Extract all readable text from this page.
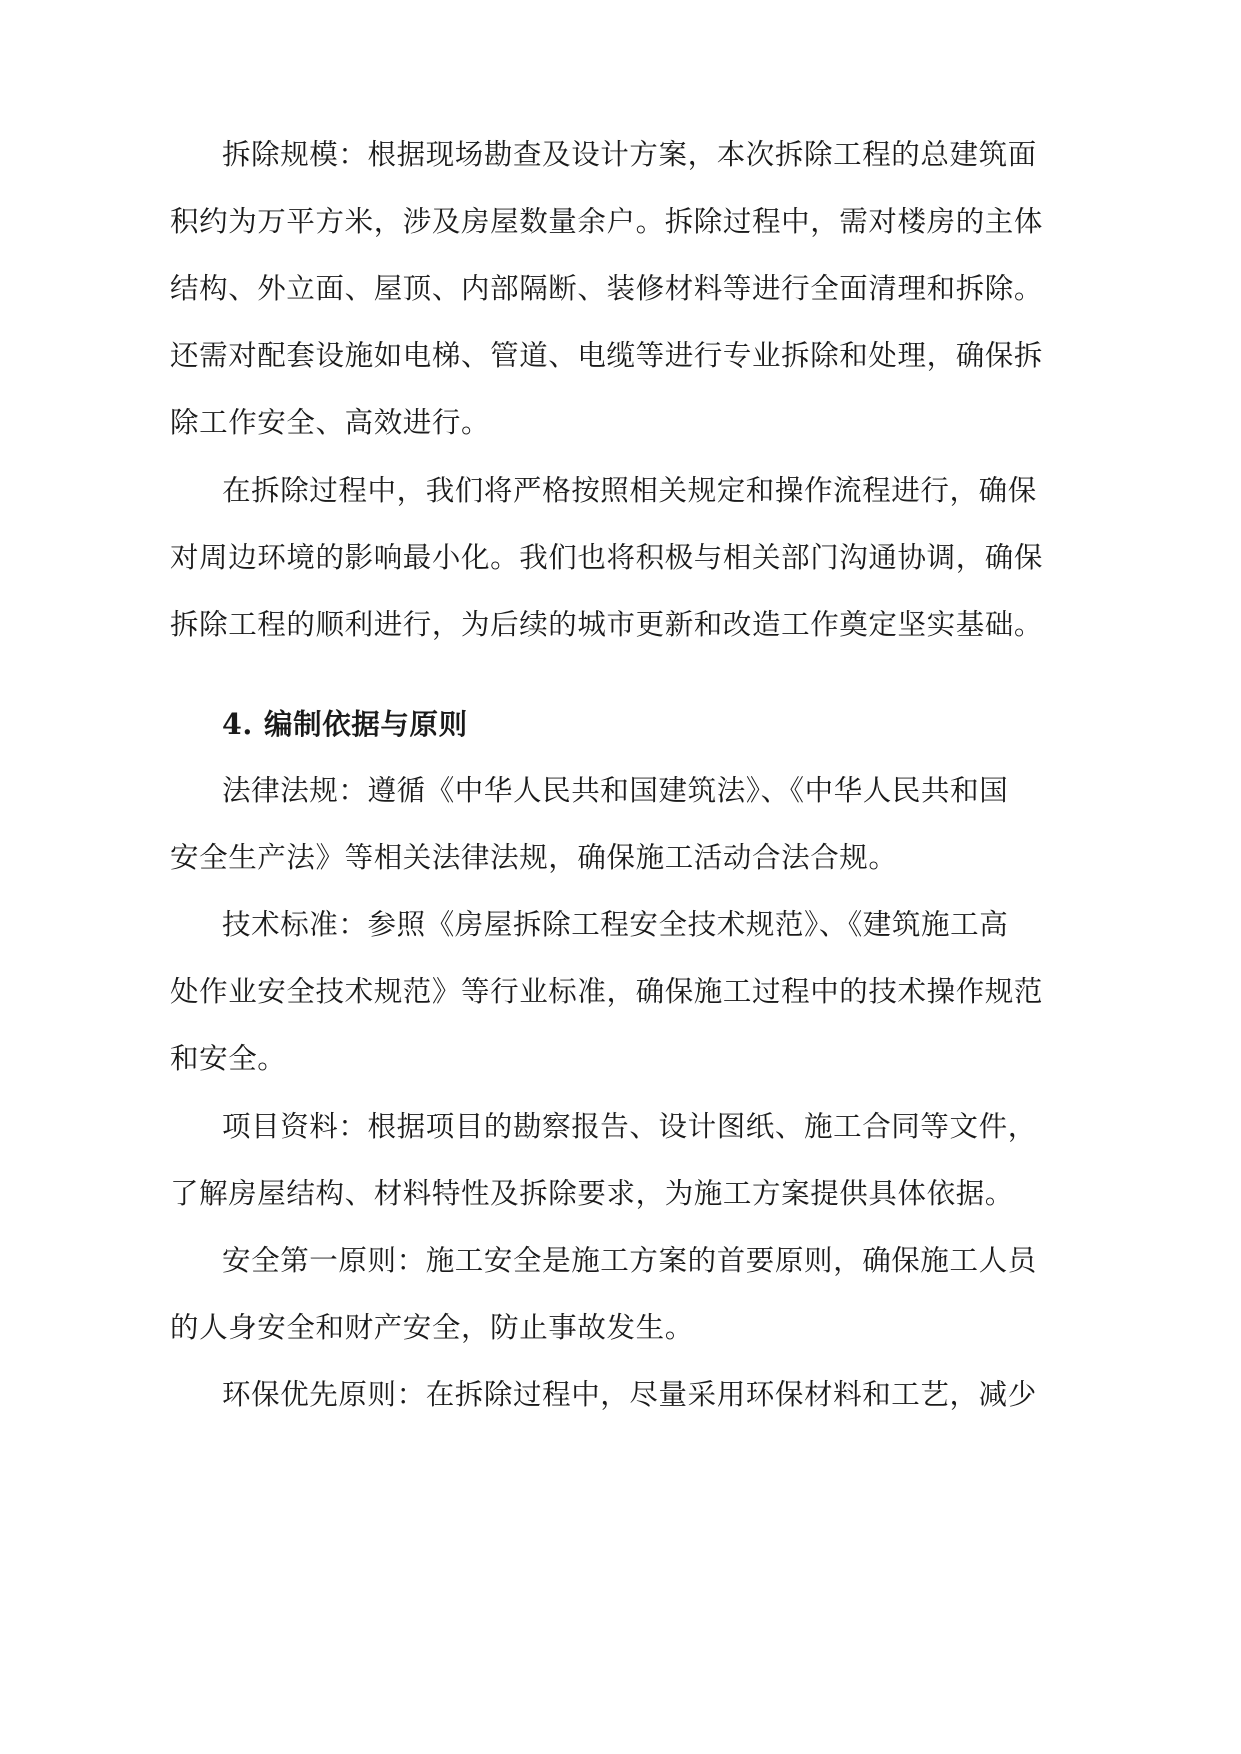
拆除规模：根据现场勘查及设计方案，本次拆除工程的总建筑面
积约为万平方米，涉及房屋数量余户。拆除过程中，需对楼房的主体
结构、外立面、屋顶、内部隔断、装修材料等进行全面清理和拆除。
还需对配套设施如电梯、管道、电缆等进行专业拆除和处理，确保拆
除工作安全、高效进行。
在拆除过程中，我们将严格按照相关规定和操作流程进行，确保
对周边环境的影响最小化。我们也将积极与相关部门沟通协调，确保
拆除工程的顺利进行，为后续的城市更新和改造工作奠定坚实基础。
4. 编制依据与原则
法律法规：遵循《中华人民共和国建筑法》、《中华人民共和国
安全生产法》等相关法律法规，确保施工活动合法合规。
技术标准：参照《房屋拆除工程安全技术规范》、《建筑施工高
处作业安全技术规范》等行业标准，确保施工过程中的技术操作规范
和安全。
项目资料：根据项目的勘察报告、设计图纸、施工合同等文件，
了解房屋结构、材料特性及拆除要求，为施工方案提供具体依据。
安全第一原则：施工安全是施工方案的首要原则，确保施工人员
的人身安全和财产安全，防止事故发生。
环保优先原则：在拆除过程中，尽量采用环保材料和工艺，减少
